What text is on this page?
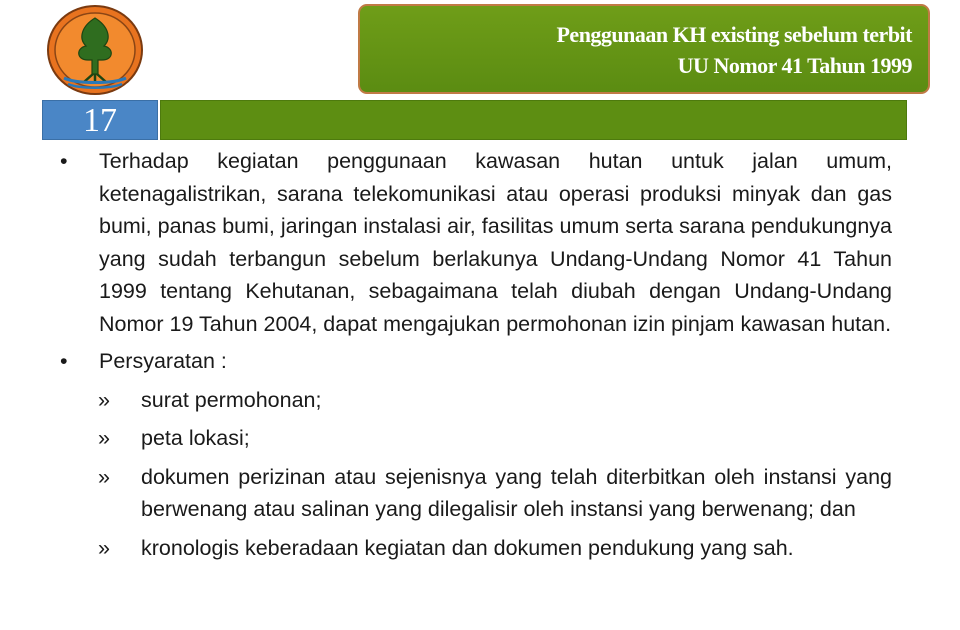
Penggunaan KH existing sebelum terbit
UU Nomor 41 Tahun 1999
17
• Terhadap kegiatan penggunaan kawasan hutan untuk jalan umum, ketenagalistrikan, sarana telekomunikasi atau operasi produksi minyak dan gas bumi, panas bumi, jaringan instalasi air, fasilitas umum serta sarana pendukungnya yang sudah terbangun sebelum berlakunya Undang-Undang Nomor 41 Tahun 1999 tentang Kehutanan, sebagaimana telah diubah dengan Undang-Undang Nomor 19 Tahun 2004, dapat mengajukan permohonan izin pinjam kawasan hutan.
• Persyaratan :
» surat permohonan;
» peta lokasi;
» dokumen perizinan atau sejenisnya yang telah diterbitkan oleh instansi yang berwenang atau salinan yang dilegalisir oleh instansi yang berwenang; dan
» kronologis keberadaan kegiatan dan dokumen pendukung yang sah.
